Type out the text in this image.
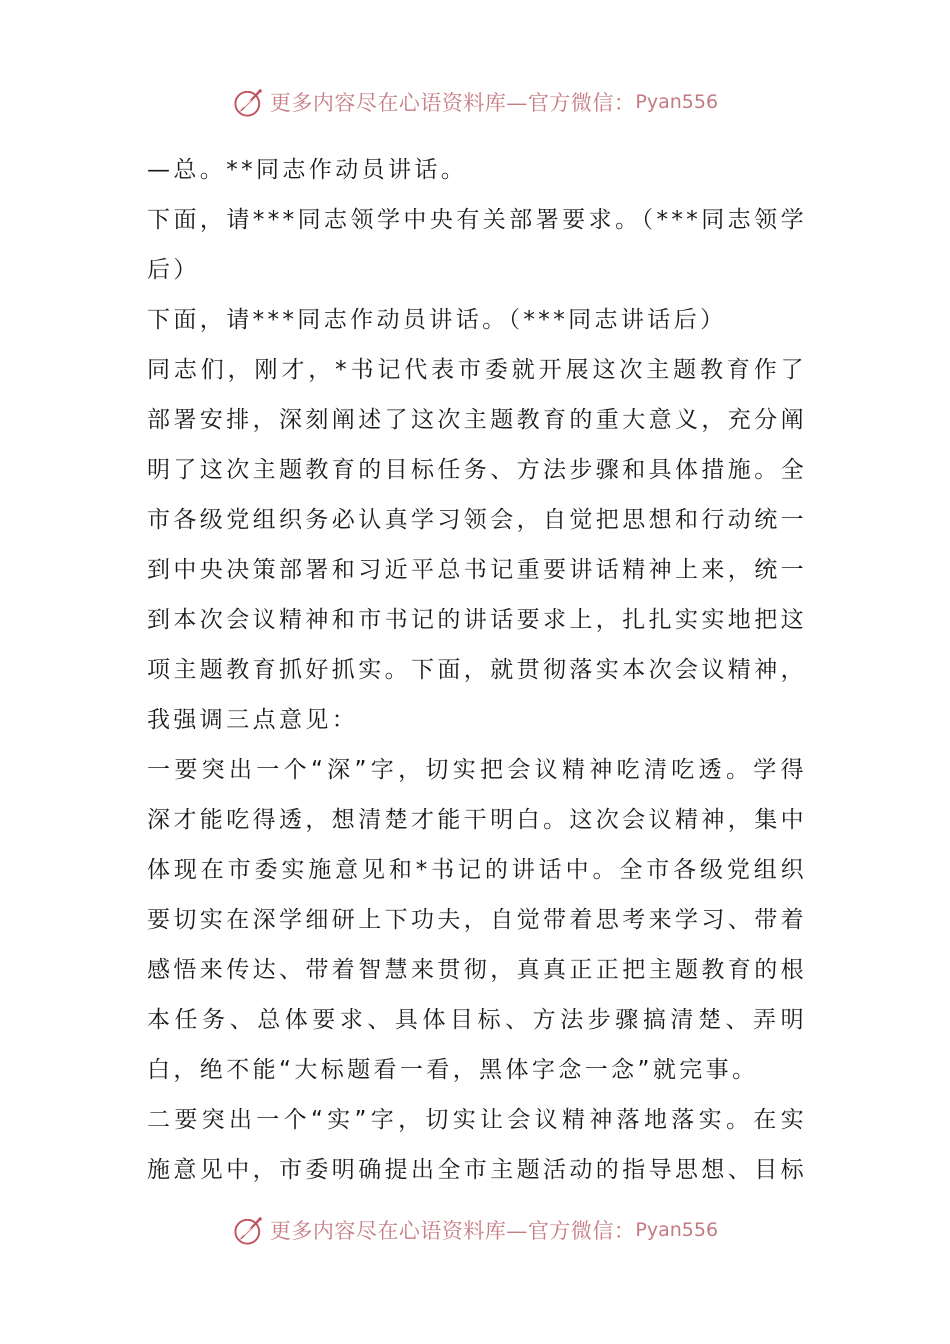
更多内容尽在心语资料库—官方微信： Pyan556

—总。**同志作动员讲话。

下面，请***同志领学中央有关部署要求。（***同志领学后）

下面，请***同志作动员讲话。（***同志讲话后）

同志们，刚才，*书记代表市委就开展这次主题教育作了部署安排，深刻阐述了这次主题教育的重大意义，充分阐明了这次主题教育的目标任务、方法步骤和具体措施。全市各级党组织务必认真学习领会，自觉把思想和行动统一到中央决策部署和习近平总书记重要讲话精神上来，统一到本次会议精神和市书记的讲话要求上，扎扎实实地把这项主题教育抓好抓实。下面，就贯彻落实本次会议精神，我强调三点意见：

一要突出一个“深”字，切实把会议精神吃清吃透。学得深才能吃得透，想清楚才能干明白。这次会议精神，集中体现在市委实施意见和*书记的讲话中。全市各级党组织要切实在深学细研上下功夫，自觉带着思考来学习、带着感悟来传达、带着智慧来贯彻，真真正正把主题教育的根本任务、总体要求、具体目标、方法步骤搞清楚、弄明白，绝不能“大标题看一看，黑体字念一念”就完事。

二要突出一个“实”字，切实让会议精神落地落实。在实施意见中，市委明确提出全市主题活动的指导思想、目标

更多内容尽在心语资料库—官方微信： Pyan556
